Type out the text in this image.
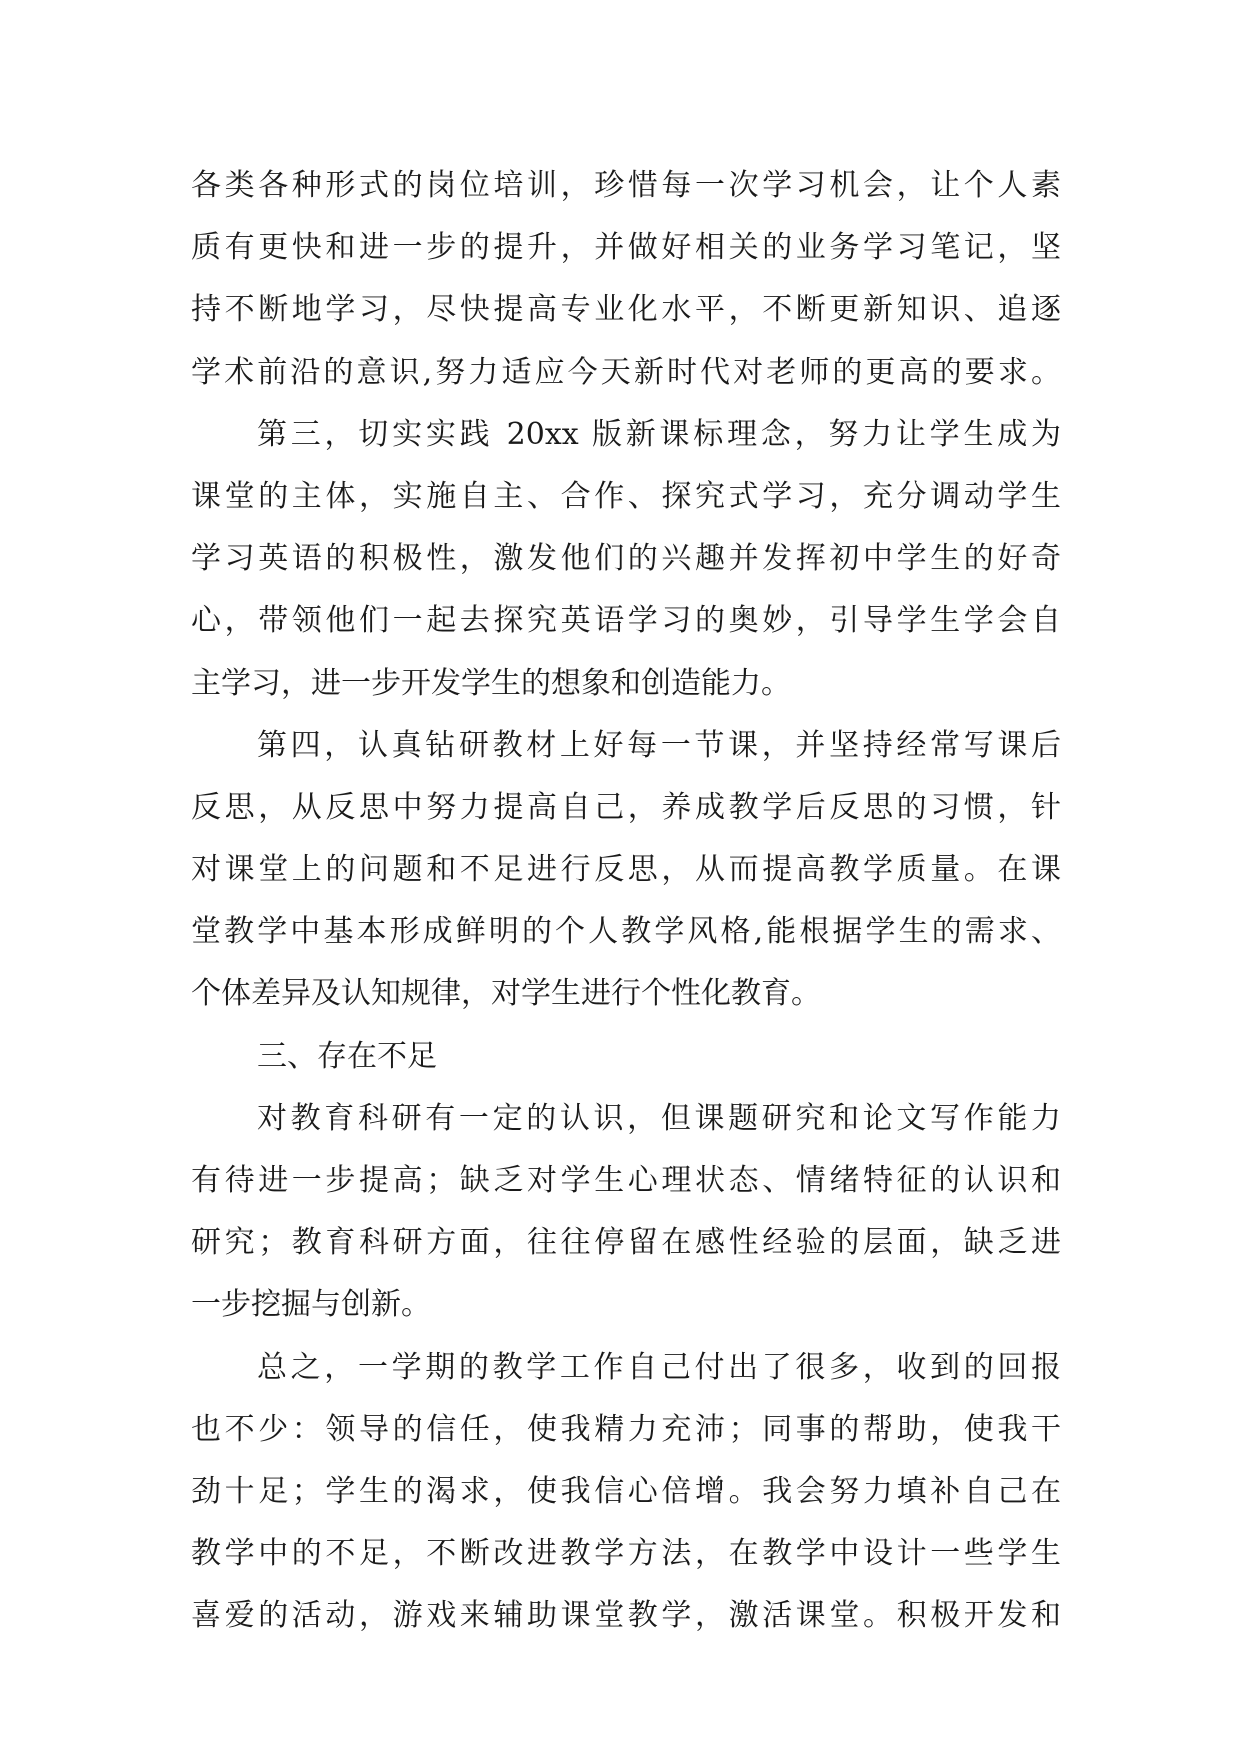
各类各种形式的岗位培训，珍惜每一次学习机会，让个人素
质有更快和进一步的提升，并做好相关的业务学习笔记，坚
持不断地学习，尽快提高专业化水平，不断更新知识、追逐
学术前沿的意识,努力适应今天新时代对老师的更高的要求。
第三，切实实践 20xx 版新课标理念，努力让学生成为
课堂的主体，实施自主、合作、探究式学习，充分调动学生
学习英语的积极性，激发他们的兴趣并发挥初中学生的好奇
心，带领他们一起去探究英语学习的奥妙，引导学生学会自
主学习，进一步开发学生的想象和创造能力。
第四，认真钻研教材上好每一节课，并坚持经常写课后
反思，从反思中努力提高自己，养成教学后反思的习惯，针
对课堂上的问题和不足进行反思，从而提高教学质量。在课
堂教学中基本形成鲜明的个人教学风格,能根据学生的需求、
个体差异及认知规律，对学生进行个性化教育。
三、存在不足
对教育科研有一定的认识，但课题研究和论文写作能力
有待进一步提高；缺乏对学生心理状态、情绪特征的认识和
研究；教育科研方面，往往停留在感性经验的层面，缺乏进
一步挖掘与创新。
总之，一学期的教学工作自己付出了很多，收到的回报
也不少：领导的信任，使我精力充沛；同事的帮助，使我干
劲十足；学生的渴求，使我信心倍增。我会努力填补自己在
教学中的不足，不断改进教学方法，在教学中设计一些学生
喜爱的活动，游戏来辅助课堂教学，激活课堂。积极开发和
